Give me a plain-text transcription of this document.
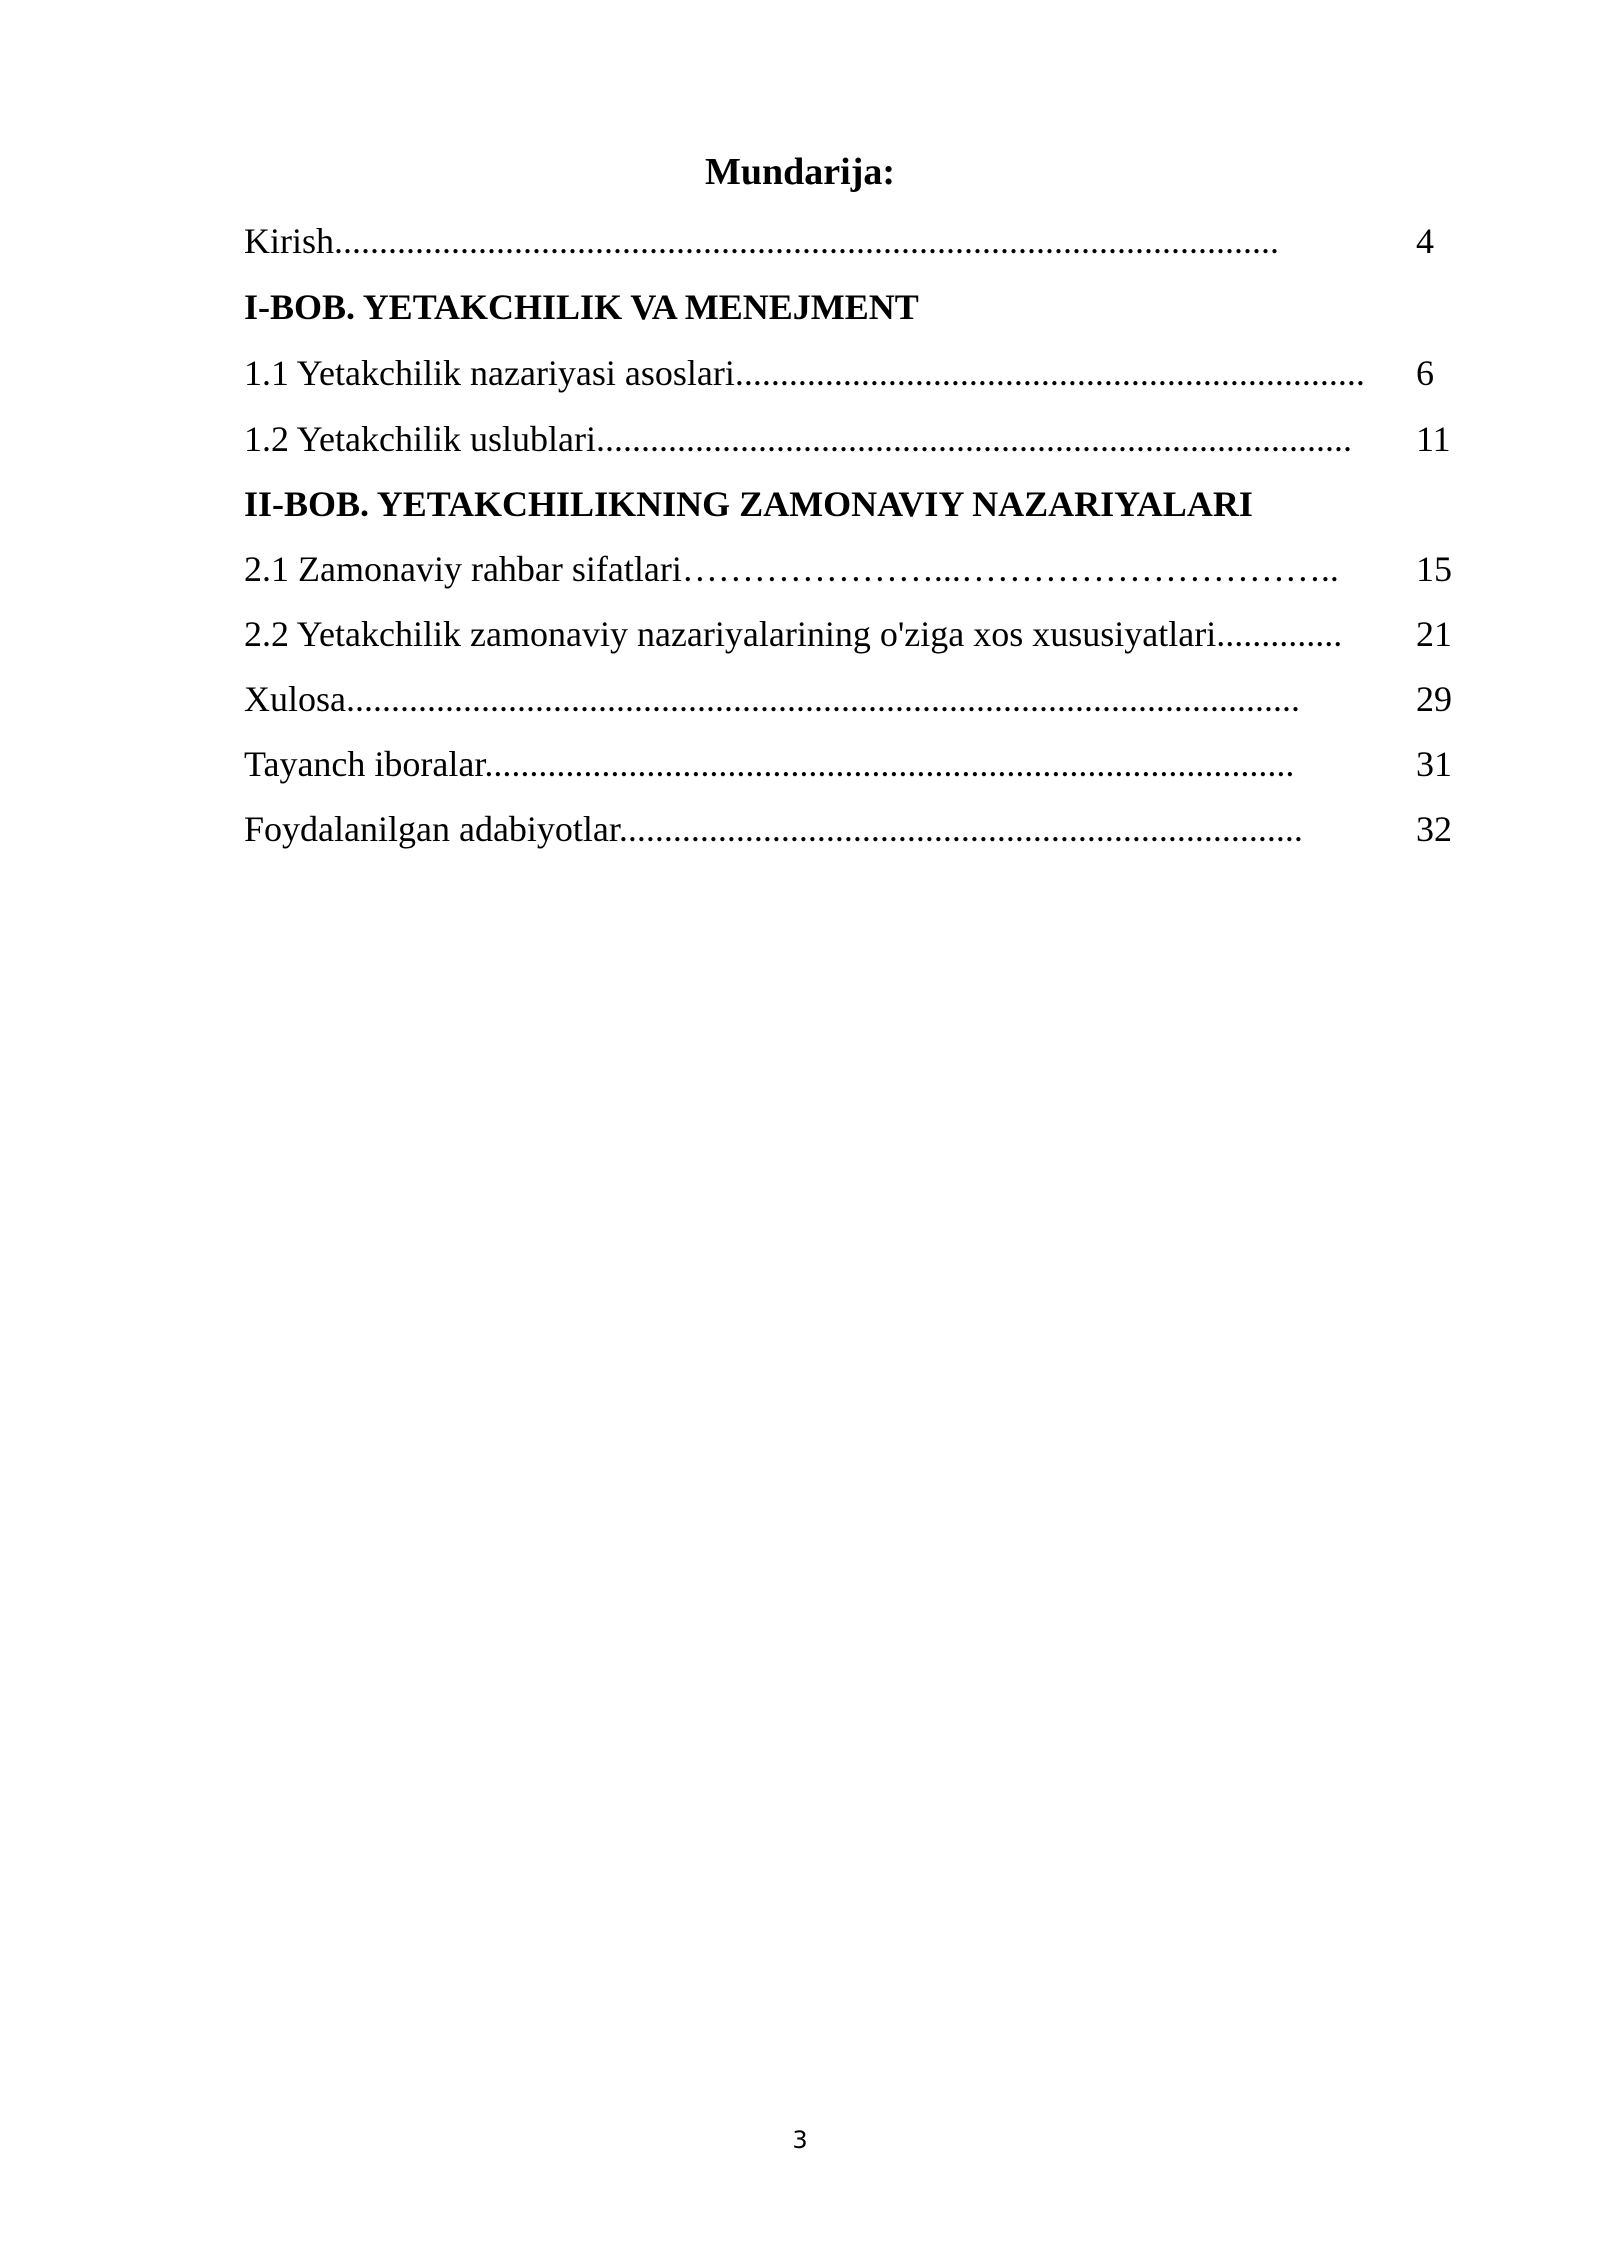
Mundarija:
Kirish.........................................................................................................	4
I-BOB. YETAKCHILIK VA MENEJMENT
1.1 Yetakchilik nazariyasi asoslari......................................................................	6
1.2 Yetakchilik uslublari....................................................................................	11
II-BOB. YETAKCHILIKNING ZAMONAVIY NAZARIYALARI
2.1 Zamonaviy rahbar sifatlari…………………...…………………………..	15
2.2 Yetakchilik zamonaviy nazariyalarining o'ziga xos xususiyatlari..............	21
Xulosa..........................................................................................................	29
Tayanch iboralar..........................................................................................	31
Foydalanilgan adabiyotlar............................................................................	32
3
